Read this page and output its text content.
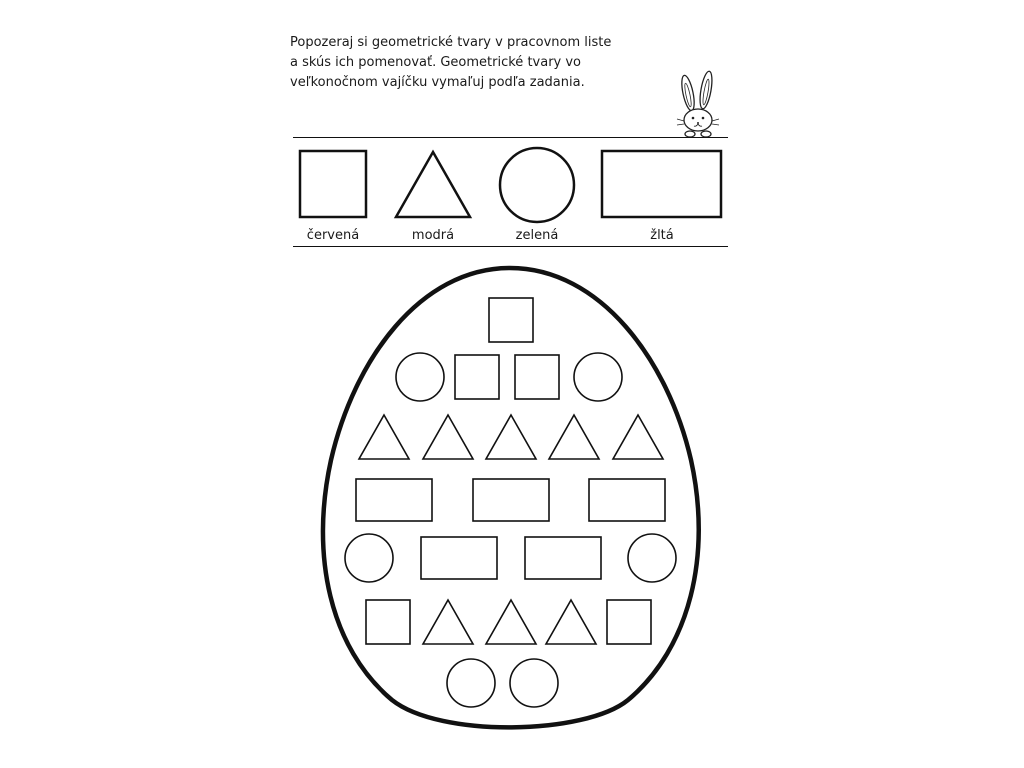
Popozeraj si geometrické tvary v pracovnom liste
a skús ich pomenovať. Geometrické tvary vo
veľkonočnom vajíčku vymaľuj podľa zadania.
červená	modrá	zelená	žltá
